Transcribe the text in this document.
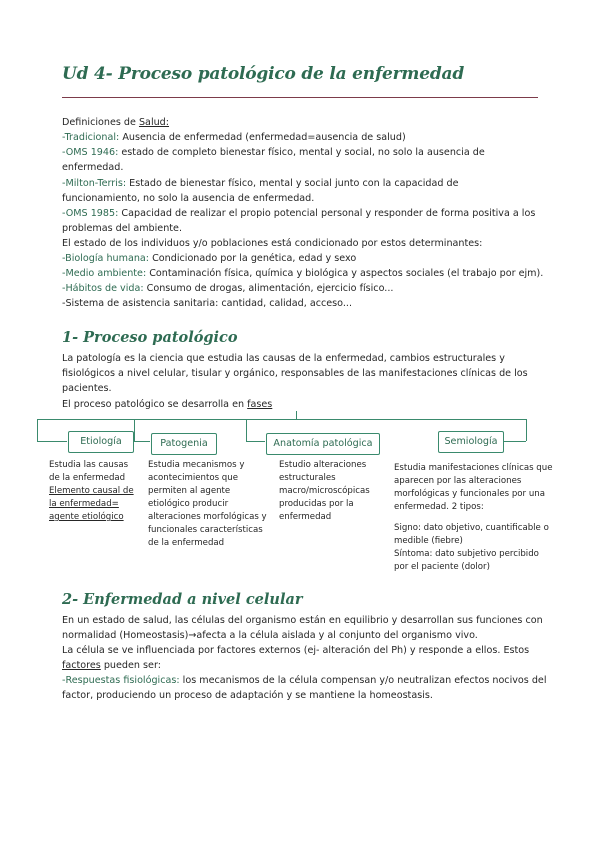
Ud 4- Proceso patológico de la enfermedad
Definiciones de Salud:
-Tradicional: Ausencia de enfermedad (enfermedad=ausencia de salud)
-OMS 1946: estado de completo bienestar físico, mental y social, no solo la ausencia de
enfermedad.
-Milton-Terris: Estado de bienestar físico, mental y social junto con la capacidad de
funcionamiento, no solo la ausencia de enfermedad.
-OMS 1985: Capacidad de realizar el propio potencial personal y responder de forma positiva a los
problemas del ambiente.
El estado de los individuos y/o poblaciones está condicionado por estos determinantes:
-Biología humana: Condicionado por la genética, edad y sexo
-Medio ambiente: Contaminación física, química y biológica y aspectos sociales (el trabajo por ejm).
-Hábitos de vida: Consumo de drogas, alimentación, ejercicio físico...
-Sistema de asistencia sanitaria: cantidad, calidad, acceso...
1- Proceso patológico
La patología es la ciencia que estudia las causas de la enfermedad, cambios estructurales y
fisiológicos a nivel celular, tisular y orgánico, responsables de las manifestaciones clínicas de los
pacientes.
El proceso patológico se desarrolla en fases
Etiología	Patogenia	Anatomía patológica	Semiología
Estudia las causas
de la enfermedad
Elemento causal de
la enfermedad=
agente etiológico
Estudia mecanismos y
acontecimientos que
permiten al agente
etiológico producir
alteraciones morfológicas y
funcionales características
de la enfermedad
Estudio alteraciones
estructurales
macro/microscópicas
producidas por la
enfermedad
Estudia manifestaciones clínicas que
aparecen por las alteraciones
morfológicas y funcionales por una
enfermedad. 2 tipos:
Signo: dato objetivo, cuantificable o
medible (fiebre)
Síntoma: dato subjetivo percibido
por el paciente (dolor)
2- Enfermedad a nivel celular
En un estado de salud, las células del organismo están en equilibrio y desarrollan sus funciones con
normalidad (Homeostasis)→afecta a la célula aislada y al conjunto del organismo vivo.
La célula se ve influenciada por factores externos (ej- alteración del Ph) y responde a ellos. Estos
factores pueden ser:
-Respuestas fisiológicas: los mecanismos de la célula compensan y/o neutralizan efectos nocivos del
factor, produciendo un proceso de adaptación y se mantiene la homeostasis.
